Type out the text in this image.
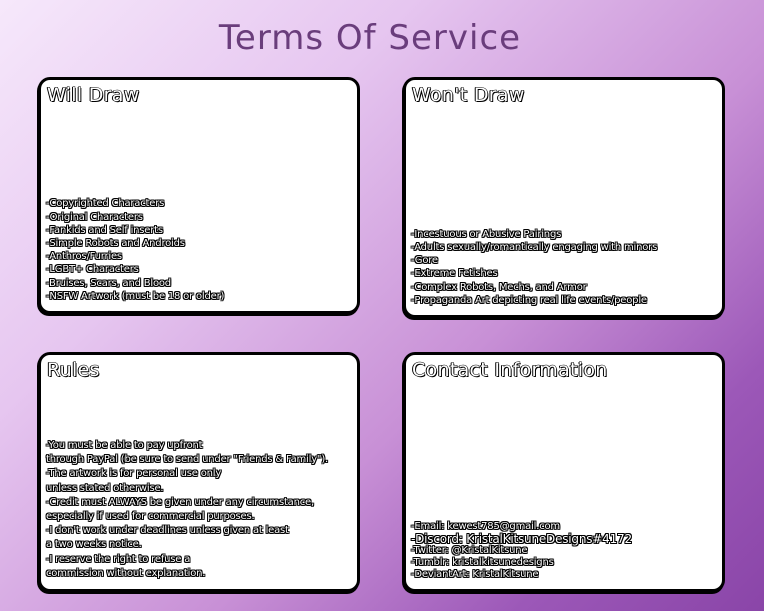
Terms Of Service
Will Draw
-Copyrighted Characters
-Original Characters
-Fankids and Self inserts
-Simple Robots and Androids
-Anthros/Furries
-LGBT+ Characters
-Bruises, Scars, and Blood
-NSFW Artwork (must be 18 or older)
Won't Draw
-Incestuous or Abusive Pairings
-Adults sexually/romantically engaging with minors
-Gore
-Extreme Fetishes
-Complex Robots, Mechs, and Armor
-Propaganda Art depicting real life events/people
Rules
-You must be able to pay upfront
through PayPal (be sure to send under "Friends & Family").
-The artwork is for personal use only
unless stated otherwise.
-Credit must ALWAYS be given under any circumstance,
especially if used for commercial purposes.
-I don't work under deadlines unless given at least
a two weeks notice.
-I reserve the right to refuse a
commission without explanation.
Contact Information
-Email: kewest785@gmail.com
-Discord: KristalKitsuneDesigns#4172
-Twitter: @KristalKitsune
-Tumblr: kristalkitsunedesigns
-DeviantArt: KristalKitsune
